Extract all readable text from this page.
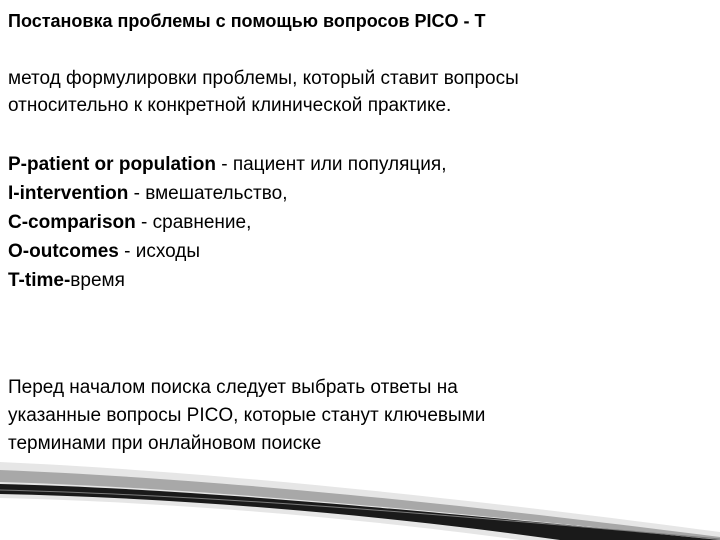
Постановка проблемы с помощью вопросов PICO - Т
метод формулировки проблемы, который ставит вопросы
относительно к конкретной клинической практике.
P-patient or population - пациент или популяция,
I-intervention - вмешательство,
C-comparison - сравнение,
O-outcomes - исходы
T-time-время
Перед началом поиска следует выбрать ответы на
указанные вопросы PICO, которые станут ключевыми
терминами при онлайновом поиске
